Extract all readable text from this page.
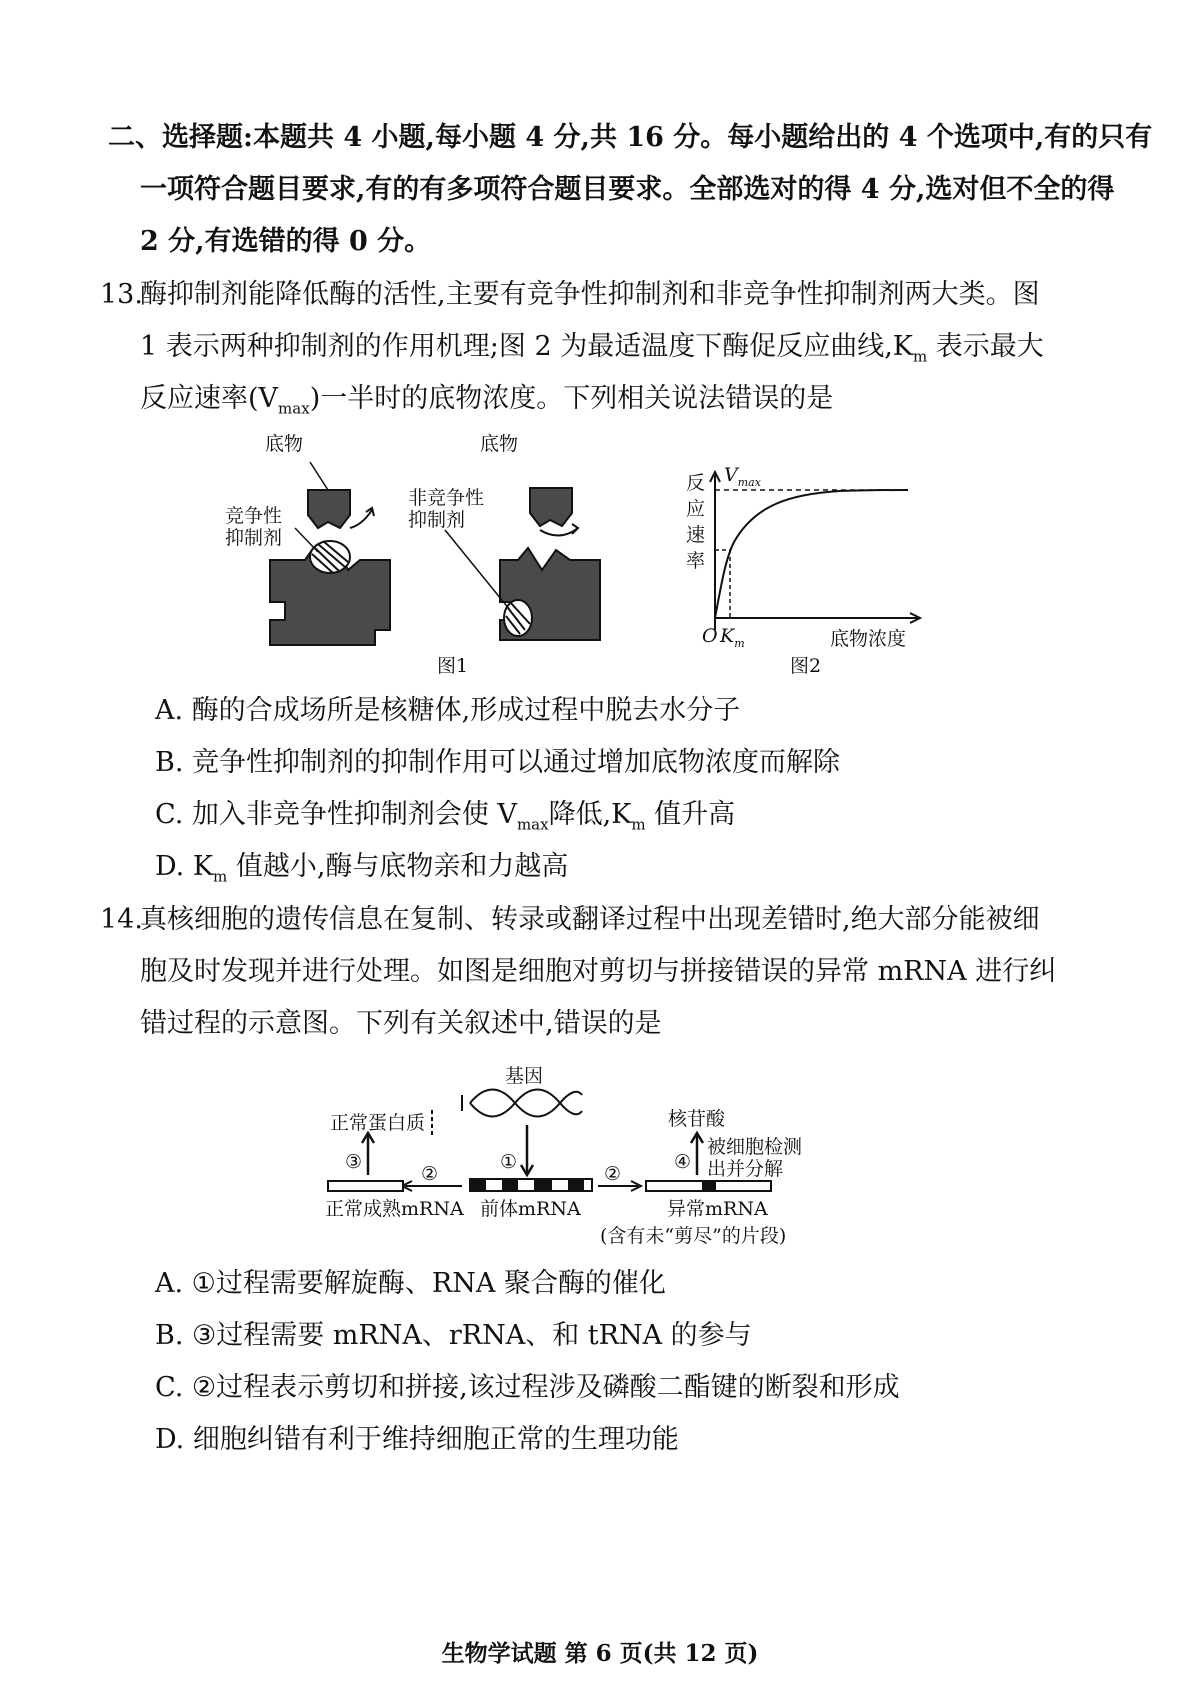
二、选择题:本题共 4 小题,每小题 4 分,共 16 分。每小题给出的 4 个选项中,有的只有
一项符合题目要求,有的有多项符合题目要求。全部选对的得 4 分,选对但不全的得
2 分,有选错的得 0 分。
13.
酶抑制剂能降低酶的活性,主要有竞争性抑制剂和非竞争性抑制剂两大类。图
1 表示两种抑制剂的作用机理;图 2 为最适温度下酶促反应曲线$,K_m$ 表示最大
反应速率$(V_{max})$一半时的底物浓度。下列相关说法错误的是
底物	底物
竞争性
抑制剂
非竞争性
抑制剂
图1
反应速率
$V_{max}$
O $K_m$	底物浓度
图2
A. 酶的合成场所是核糖体,形成过程中脱去水分子
B. 竞争性抑制剂的抑制作用可以通过增加底物浓度而解除
C. 加入非竞争性抑制剂会使 $V_{max}$降低$,K_m$ 值升高
D. $K_m$ 值越小,酶与底物亲和力越高
14.
真核细胞的遗传信息在复制、转录或翻译过程中出现差错时,绝大部分能被细
胞及时发现并进行处理。如图是细胞对剪切与拼接错误的异常 mRNA 进行纠
错过程的示意图。下列有关叙述中,错误的是
基因
正常蛋白质	核苷酸
被细胞检测
出并分解
③
②
①
②
④
正常成熟mRNA 前体mRNA	异常mRNA
(含有未“剪尽”的片段)
A. ①过程需要解旋酶、RNA 聚合酶的催化
B. ③过程需要 mRNA、rRNA、和 tRNA 的参与
C. ②过程表示剪切和拼接,该过程涉及磷酸二酯键的断裂和形成
D. 细胞纠错有利于维持细胞正常的生理功能
生物学试题 第 6 页(共 12 页)
